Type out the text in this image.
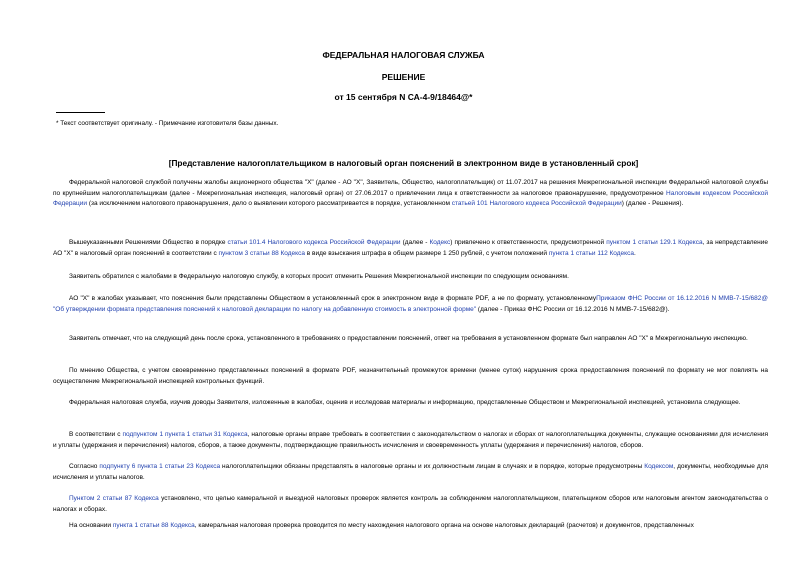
ФЕДЕРАЛЬНАЯ НАЛОГОВАЯ СЛУЖБА
РЕШЕНИЕ
от 15 сентября N СА-4-9/18464@*
* Текст соответствует оригиналу. - Примечание изготовителя базы данных.
[Представление налогоплательщиком в налоговый орган пояснений в электронном виде в установленный срок]

Федеральной налоговой службой получены жалобы акционерного общества "Х" (далее - АО "Х", Заявитель, Общество, налогоплательщик) от 11.07.2017 на решения Межрегиональной инспекции Федеральной налоговой службы по крупнейшим налогоплательщикам (далее - Межрегиональная инспекция, налоговый орган) от 27.06.2017 о привлечении лица к ответственности за налоговое правонарушение, предусмотренное Налоговым кодексом Российской Федерации (за исключением налогового правонарушения, дело о выявлении которого рассматривается в порядке, установленном статьей 101 Налогового кодекса Российской Федерации) (далее - Решения).

Вышеуказанными Решениями Общество в порядке статьи 101.4 Налогового кодекса Российской Федерации (далее - Кодекс) привлечено к ответственности, предусмотренной пунктом 1 статьи 129.1 Кодекса, за непредставление АО "Х" в налоговый орган пояснений в соответствии с пунктом 3 статьи 88 Кодекса в виде взыскания штрафа в общем размере 1 250 рублей, с учетом положений пункта 1 статьи 112 Кодекса.

Заявитель обратился с жалобами в Федеральную налоговую службу, в которых просит отменить Решения Межрегиональной инспекции по следующим основаниям.

АО "Х" в жалобах указывает, что пояснения были представлены Обществом в установленный срок в электронном виде в формате PDF, а не по формату, установленномуПриказом ФНС России от 16.12.2016 N ММВ-7-15/682@ "Об утверждении формата представления пояснений к налоговой декларации по налогу на добавленную стоимость в электронной форме" (далее - Приказ ФНС России от 16.12.2016 N ММВ-7-15/682@).

Заявитель отмечает, что на следующий день после срока, установленного в требованиях о предоставлении пояснений, ответ на требования в установленном формате был направлен АО "Х" в Межрегиональную инспекцию.

По мнению Общества, с учетом своевременно представленных пояснений в формате PDF, незначительный промежуток времени (менее суток) нарушения срока предоставления пояснений по формату не мог повлиять на осуществление Межрегиональной инспекцией контрольных функций.

Федеральная налоговая служба, изучив доводы Заявителя, изложенные в жалобах, оценив и исследовав материалы и информацию, представленные Обществом и Межрегиональной инспекцией, установила следующее.

В соответствии с подпунктом 1 пункта 1 статьи 31 Кодекса, налоговые органы вправе требовать в соответствии с законодательством о налогах и сборах от налогоплательщика документы, служащие основаниями для исчисления и уплаты (удержания и перечисления) налогов, сборов, а также документы, подтверждающие правильность исчисления и своевременность уплаты (удержания и перечисления) налогов, сборов.

Согласно подпункту 6 пункта 1 статьи 23 Кодекса налогоплательщики обязаны представлять в налоговые органы и их должностным лицам в случаях и в порядке, которые предусмотрены Кодексом, документы, необходимые для исчисления и уплаты налогов.

Пунктом 2 статьи 87 Кодекса установлено, что целью камеральной и выездной налоговых проверок является контроль за соблюдением налогоплательщиком, плательщиком сборов или налоговым агентом законодательства о налогах и сборах.

На основании пункта 1 статьи 88 Кодекса, камеральная налоговая проверка проводится по месту нахождения налогового органа на основе налоговых деклараций (расчетов) и документов, представленных
